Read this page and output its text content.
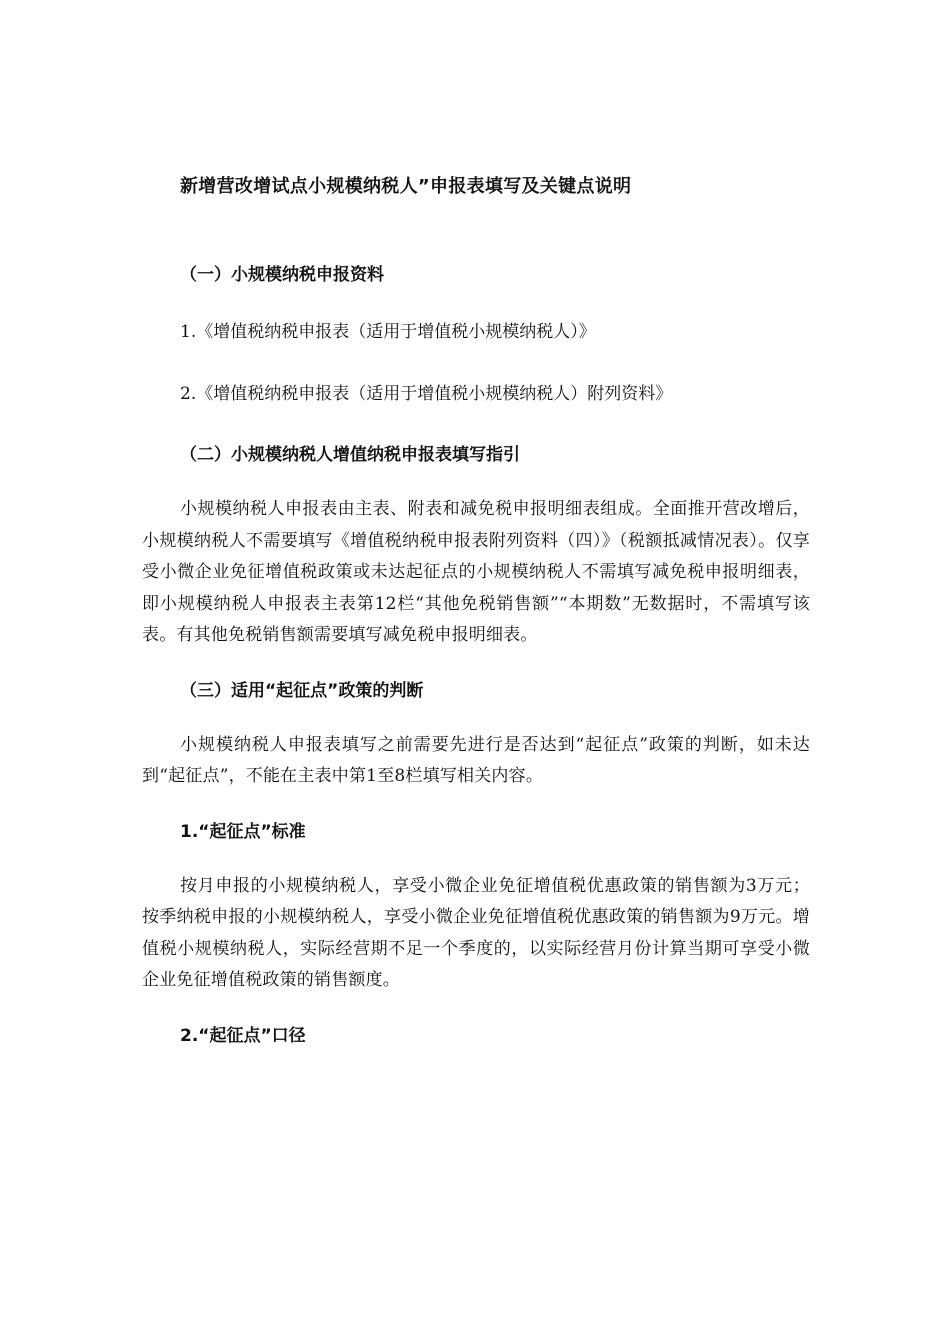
新增营改增试点小规模纳税人”申报表填写及关键点说明
（一）小规模纳税申报资料
1.《增值税纳税申报表（适用于增值税小规模纳税人）》
2.《增值税纳税申报表（适用于增值税小规模纳税人）附列资料》
（二）小规模纳税人增值纳税申报表填写指引
小规模纳税人申报表由主表、附表和减免税申报明细表组成。全面推开营改增后，小规模纳税人不需要填写《增值税纳税申报表附列资料（四）》（税额抵减情况表）。仅享受小微企业免征增值税政策或未达起征点的小规模纳税人不需填写减免税申报明细表，即小规模纳税人申报表主表第12栏“其他免税销售额”“本期数”无数据时，不需填写该表。有其他免税销售额需要填写减免税申报明细表。
（三）适用“起征点”政策的判断
小规模纳税人申报表填写之前需要先进行是否达到“起征点”政策的判断，如未达到“起征点”，不能在主表中第1至8栏填写相关内容。
1.“起征点”标准
按月申报的小规模纳税人，享受小微企业免征增值税优惠政策的销售额为3万元；按季纳税申报的小规模纳税人，享受小微企业免征增值税优惠政策的销售额为9万元。增值税小规模纳税人，实际经营期不足一个季度的，以实际经营月份计算当期可享受小微企业免征增值税政策的销售额度。
2.“起征点”口径
